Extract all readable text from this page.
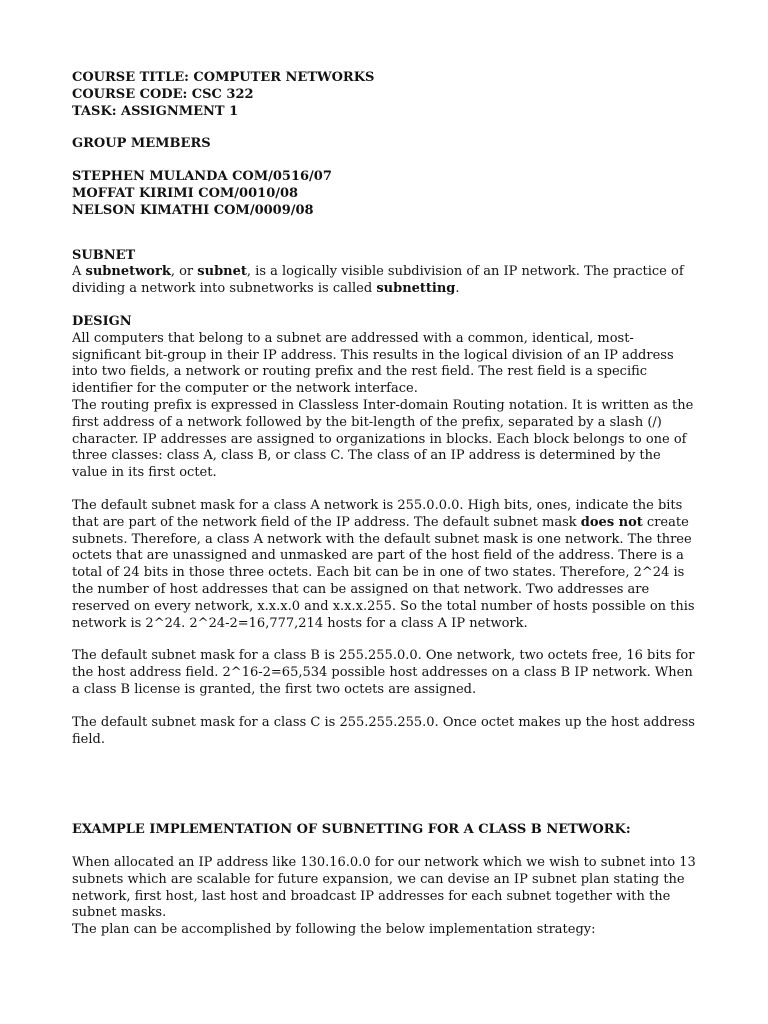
COURSE TITLE: COMPUTER NETWORKS
COURSE CODE: CSC 322
TASK: ASSIGNMENT 1
GROUP MEMBERS
STEPHEN MULANDA COM/0516/07
MOFFAT KIRIMI COM/0010/08
NELSON KIMATHI COM/0009/08
SUBNET

A subnetwork, or subnet, is a logically visible subdivision of an IP network. The practice of dividing a network into subnetworks is called subnetting.

DESIGN

All computers that belong to a subnet are addressed with a common, identical, most-significant bit-group in their IP address. This results in the logical division of an IP address into two fields, a network or routing prefix and the rest field. The rest field is a specific identifier for the computer or the network interface.

The routing prefix is expressed in Classless Inter-domain Routing notation. It is written as the first address of a network followed by the bit-length of the prefix, separated by a slash (/) character. IP addresses are assigned to organizations in blocks. Each block belongs to one of three classes: class A, class B, or class C. The class of an IP address is determined by the value in its first octet.

The default subnet mask for a class A network is 255.0.0.0. High bits, ones, indicate the bits that are part of the network field of the IP address. The default subnet mask does not create subnets. Therefore, a class A network with the default subnet mask is one network. The three octets that are unassigned and unmasked are part of the host field of the address. There is a total of 24 bits in those three octets. Each bit can be in one of two states. Therefore, 2^24 is the number of host addresses that can be assigned on that network. Two addresses are reserved on every network, x.x.x.0 and x.x.x.255. So the total number of hosts possible on this network is 2^24. 2^24-2=16,777,214 hosts for a class A IP network.

The default subnet mask for a class B is 255.255.0.0. One network, two octets free, 16 bits for the host address field. 2^16-2=65,534 possible host addresses on a class B IP network. When a class B license is granted, the first two octets are assigned.

The default subnet mask for a class C is 255.255.255.0. Once octet makes up the host address field.

EXAMPLE IMPLEMENTATION OF SUBNETTING FOR A CLASS B NETWORK:

When allocated an IP address like 130.16.0.0 for our network which we wish to subnet into 13 subnets which are scalable for future expansion, we can devise an IP subnet plan stating the network, first host, last host and broadcast IP addresses for each subnet together with the subnet masks.

The plan can be accomplished by following the below implementation strategy:
